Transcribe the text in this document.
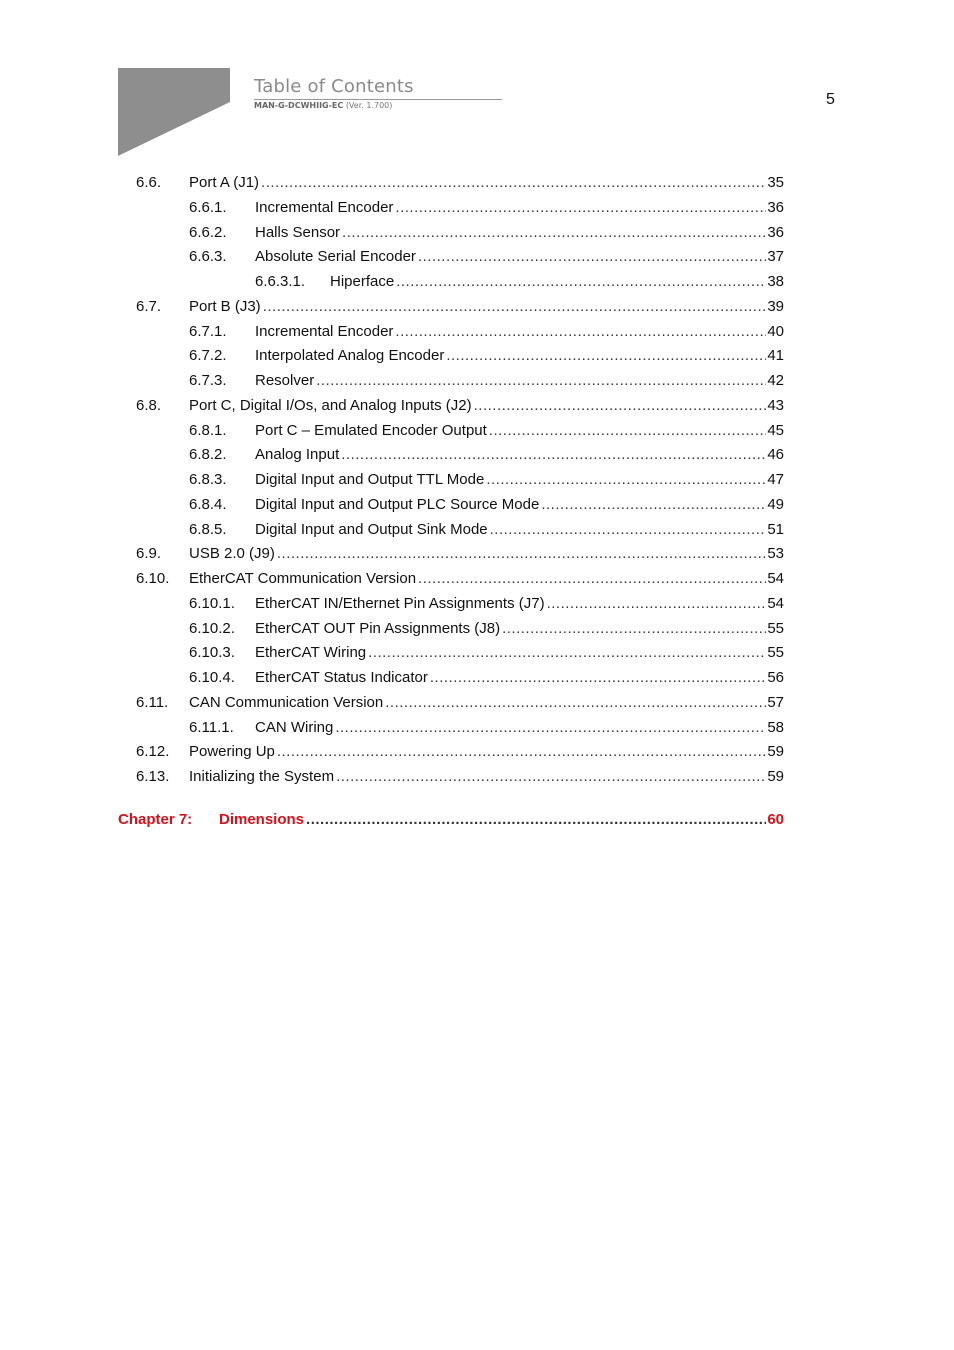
Table of Contents
MAN-G-DCWHIIG-EC (Ver. 1.700)	5
6.6. Port A (J1) .....	35
6.6.1. Incremental Encoder .....	36
6.6.2. Halls Sensor .....	36
6.6.3. Absolute Serial Encoder .....	37
6.6.3.1. Hiperface .....	38
6.7. Port B (J3) .....	39
6.7.1. Incremental Encoder .....	40
6.7.2. Interpolated Analog Encoder .....	41
6.7.3. Resolver .....	42
6.8. Port C, Digital I/Os, and Analog Inputs (J2) .....	43
6.8.1. Port C – Emulated Encoder Output .....	45
6.8.2. Analog Input .....	46
6.8.3. Digital Input and Output TTL Mode .....	47
6.8.4. Digital Input and Output PLC Source Mode .....	49
6.8.5. Digital Input and Output Sink Mode .....	51
6.9. USB 2.0 (J9) .....	53
6.10. EtherCAT Communication Version .....	54
6.10.1. EtherCAT IN/Ethernet Pin Assignments (J7) .....	54
6.10.2. EtherCAT OUT Pin Assignments (J8) .....	55
6.10.3. EtherCAT Wiring .....	55
6.10.4. EtherCAT Status Indicator .....	56
6.11. CAN Communication Version .....	57
6.11.1. CAN Wiring .....	58
6.12. Powering Up .....	59
6.13. Initializing the System .....	59
Chapter 7: Dimensions .....	60
